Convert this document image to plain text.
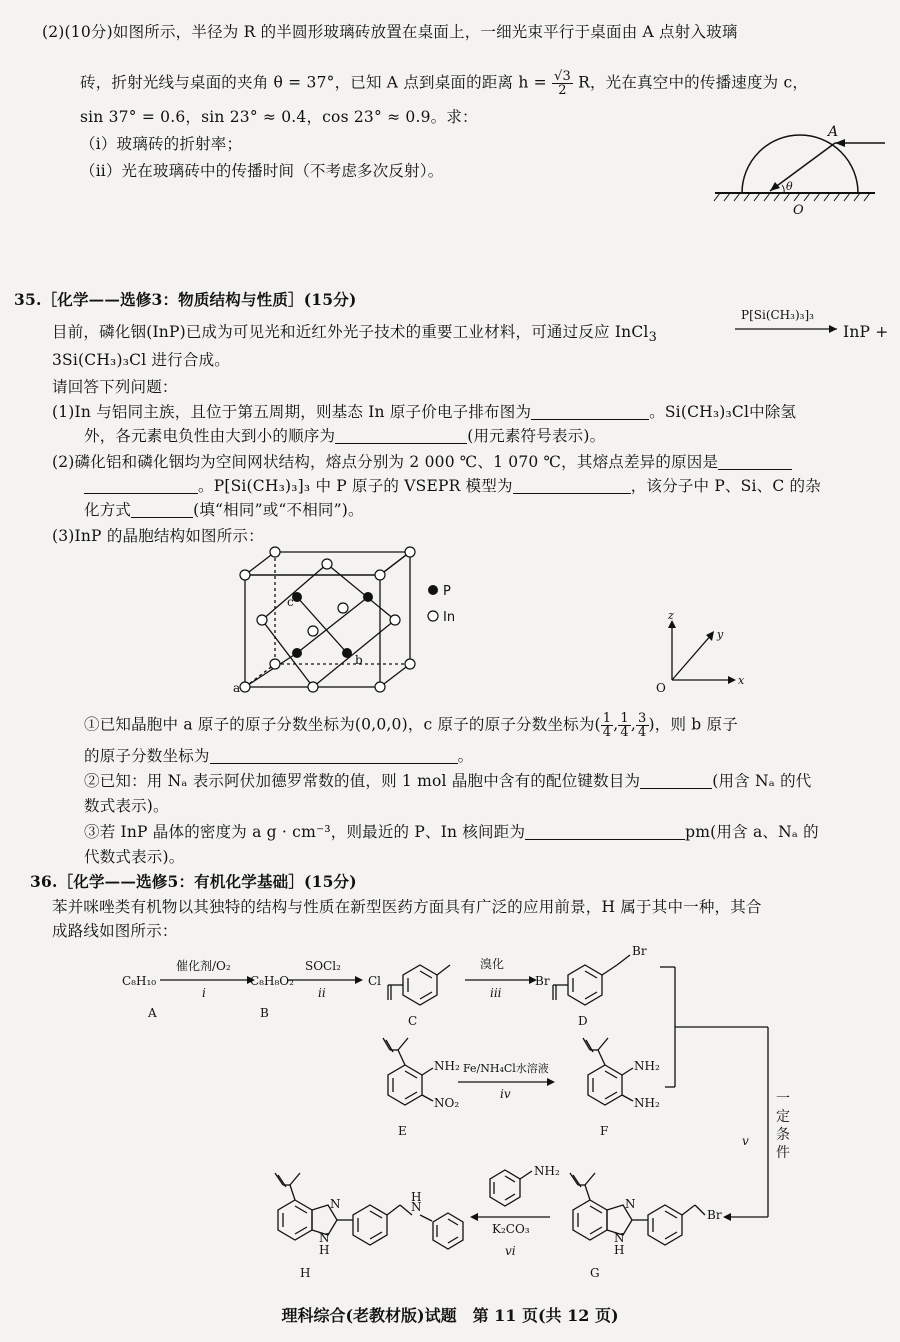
(2)(10分)如图所示，半径为 R 的半圆形玻璃砖放置在桌面上，一细光束平行于桌面由 A 点射入玻璃
砖，折射光线与桌面的夹角 θ = 37°，已知 A 点到桌面的距离 $h = \frac{√3}{2}$ R，光在真空中的传播速度为 c，
sin 37° = 0.6，sin 23° ≈ 0.4，cos 23° ≈ 0.9。求：
（ⅰ）玻璃砖的折射率；
（ⅱ）光在玻璃砖中的传播时间（不考虑多次反射）。
A
θ
O
35.［化学——选修3：物质结构与性质］(15分)
目前，磷化铟(InP)已成为可见光和近红外光子技术的重要工业材料，可通过反应 InCl$_3$
P[Si(CH₃)₃]₃
InP +
3Si(CH₃)₃Cl 进行合成。
请回答下列问题：
(1)In 与铝同主族，且位于第五周期，则基态 In 原子价电子排布图为	。Si(CH₃)₃Cl中除氢
外，各元素电负性由大到小的顺序为	(用元素符号表示)。
(2)磷化铝和磷化铟均为空间网状结构，熔点分别为 2 000 ℃、1 070 ℃，其熔点差异的原因是
。P[Si(CH₃)₃]₃ 中 P 原子的 VSEPR 模型为	，该分子中 P、Si、C 的杂
化方式	(填“相同”或“不相同”)。
(3)InP 的晶胞结构如图所示：
a
c
b
P
In	z
y
x
O
①已知晶胞中 a 原子的原子分数坐标为(0,0,0)，c 原子的原子分数坐标为( $\frac{1}{4}$ , $\frac{1}{4}$ , $\frac{3}{4}$ )，则 b 原子
的原子分数坐标为	。
②已知：用 Nₐ 表示阿伏加德罗常数的值，则 1 mol 晶胞中含有的配位键数目为	(用含 Nₐ 的代
数式表示)。
③若 InP 晶体的密度为 a g · cm⁻³，则最近的 P、In 核间距为	pm(用含 a、Nₐ 的
代数式表示)。
36.［化学——选修5：有机化学基础］(15分)
苯并咪唑类有机物以其独特的结构与性质在新型医药方面具有广泛的应用前景，H 属于其中一种，其合
成路线如图所示：
C₈H₁₀
A
催化剂/O₂
i
C₈H₈O₂
B
SOCl₂
ii
Cl
C
溴化
iii
Br
Br
D
NH₂
NO₂
E
Fe/NH₄Cl水溶液
iv
NH₂
NH₂
F
v
Br
N
N
H
G
NH₂
K₂CO₃
vi
N
N
H
N
H
H
一定条件
理科综合(老教材版)试题　第 11 页(共 12 页)
